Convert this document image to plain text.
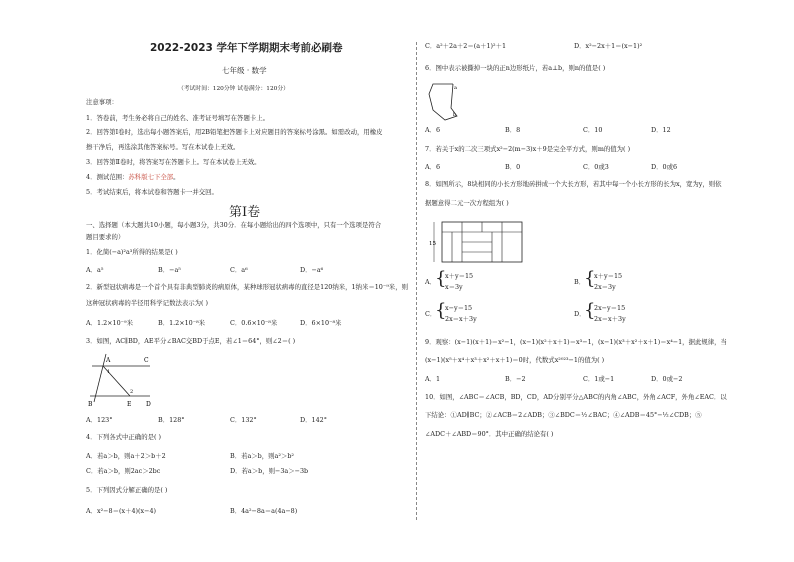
2022-2023 学年下学期期末考前必刷卷
七年级 · 数学
（考试时间：120分钟 试卷满分：120分）
注意事项：
1．答卷前，考生务必将自己的姓名、准考证号填写在答题卡上。
2．回答第Ⅰ卷时，选出每小题答案后，用2B铅笔把答题卡上对应题目的答案标号涂黑。如需改动，用橡皮
擦干净后，再选涂其他答案标号。写在本试卷上无效。
3．回答第Ⅱ卷时，将答案写在答题卡上。写在本试卷上无效。
4．测试范围：苏科版七下全部。
5．考试结束后，将本试卷和答题卡一并交回。
第Ⅰ卷
一、选择题（本大题共10小题，每小题3分，共30分．在每小题给出的四个选项中，只有一个选项是符合
题目要求的）
1．化简(−a)²a³所得的结果是( )
A．a⁵	B．−a⁵	C．a⁶	D．−a⁶
2．新型冠状病毒是一个首个具有非典型肺炎的病原体，某种球形冠状病毒的直径是120纳米，1纳米＝10⁻⁹米，则
这种冠状病毒的半径用科学记数法表示为( )
A．1.2×10⁻⁹米	B．1.2×10⁻⁸米	C．0.6×10⁻⁸米	D．6×10⁻⁸米
3．如图，AC∥BD，AE平分∠BAC交BD于点E，若∠1＝64°，则∠2＝( )
A	C
B	E D
1
2
A．123°	B．128°	C．132°	D．142°
4．下列各式中正确的是( )
A．若a＞b，则a＋2＞b＋2	B．若a＞b，则a²＞b²
C．若a＞b，则2ac＞2bc	D．若a＞b，则−3a＞−3b
5．下列因式分解正确的是( )
A．x²−8＝(x＋4)(x−4)	B．4a²−8a＝a(4a−8)
C．a²＋2a＋2＝(a＋1)²＋1	D．x²−2x＋1＝(x−1)²
6．图中表示被撕掉一块的正n边形纸片，若a⊥b，则n的值是( )
a
b
A．6	B．8	C．10	D．12
7．若关于x的二次三项式x²−2(m−3)x＋9是完全平方式，则m的值为( )
A．6	B．0	C．0或3	D．0或6
8．如图所示，8块相同的小长方形地砖拼成一个大长方形，若其中每一个小长方形的长为x，宽为y，则依
据题意得二元一次方程组为( )
15
A．
{
x＋y＝15
x＝3y
B．
{
x＋y＝15
2x＝3y
C．
{
x−y＝15
2x＝x＋3y
D．
{
2x−y＝15
2x＝x＋3y
9．观察：(x−1)(x＋1)＝x²−1，(x−1)(x²＋x＋1)＝x³−1，(x−1)(x³＋x²＋x＋1)＝x⁴−1，据此规律，当
(x−1)(x⁵＋x⁴＋x³＋x²＋x＋1)＝0时，代数式x²⁰²³−1的值为( )
A．1	B．−2	C．1或−1	D．0或−2
10．如图，∠ABC＝∠ACB，BD，CD，AD分别平分△ABC的内角∠ABC，外角∠ACF，外角∠EAC．以
下结论：①AD∥BC；②∠ACB＝2∠ADB；③∠BDC＝½∠BAC；④∠ADB＝45°−½∠CDB；⑤
∠ADC＋∠ABD＝90°．其中正确的结论有( )
